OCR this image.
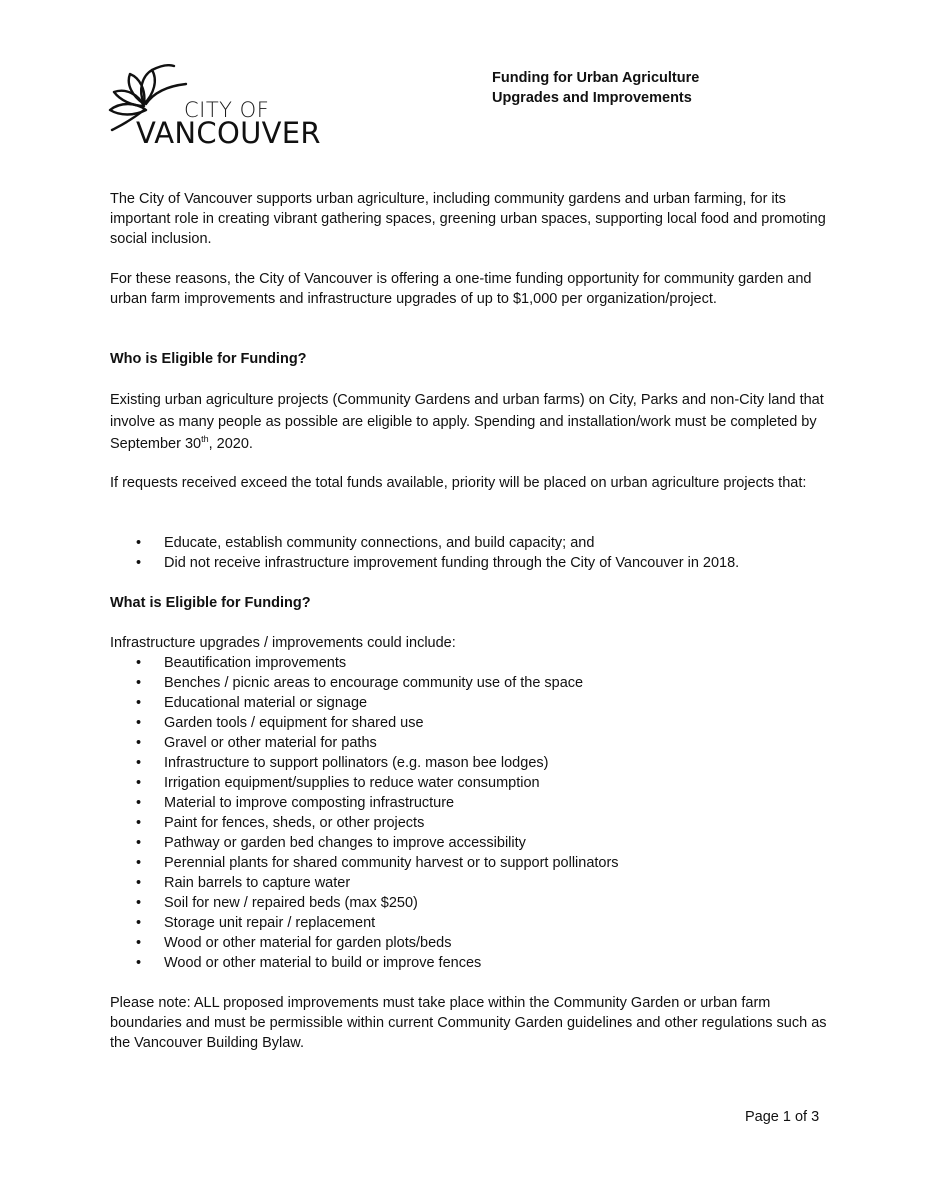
CITY OF
VANCOUVER
Funding for Urban Agriculture
Upgrades and Improvements

The City of Vancouver supports urban agriculture, including community gardens and urban farming, for its important role in creating vibrant gathering spaces, greening urban spaces, supporting local food and promoting social inclusion.

For these reasons, the City of Vancouver is offering a one-time funding opportunity for community garden and urban farm improvements and infrastructure upgrades of up to $1,000 per organization/project.

Who is Eligible for Funding?

Existing urban agriculture projects (Community Gardens and urban farms) on City, Parks and non-City land that involve as many people as possible are eligible to apply. Spending and installation/work must be completed by September 30th, 2020.

If requests received exceed the total funds available, priority will be placed on urban agriculture projects that:

• Educate, establish community connections, and build capacity; and
• Did not receive infrastructure improvement funding through the City of Vancouver in 2018.
What is Eligible for Funding?

Infrastructure upgrades / improvements could include:

• Beautification improvements
• Benches / picnic areas to encourage community use of the space
• Educational material or signage
• Garden tools / equipment for shared use
• Gravel or other material for paths
• Infrastructure to support pollinators (e.g. mason bee lodges)
• Irrigation equipment/supplies to reduce water consumption
• Material to improve composting infrastructure
• Paint for fences, sheds, or other projects
• Pathway or garden bed changes to improve accessibility
• Perennial plants for shared community harvest or to support pollinators
• Rain barrels to capture water
• Soil for new / repaired beds (max $250)
• Storage unit repair / replacement
• Wood or other material for garden plots/beds
• Wood or other material to build or improve fences

Please note: ALL proposed improvements must take place within the Community Garden or urban farm boundaries and must be permissible within current Community Garden guidelines and other regulations such as the Vancouver Building Bylaw.

Page 1 of 3
